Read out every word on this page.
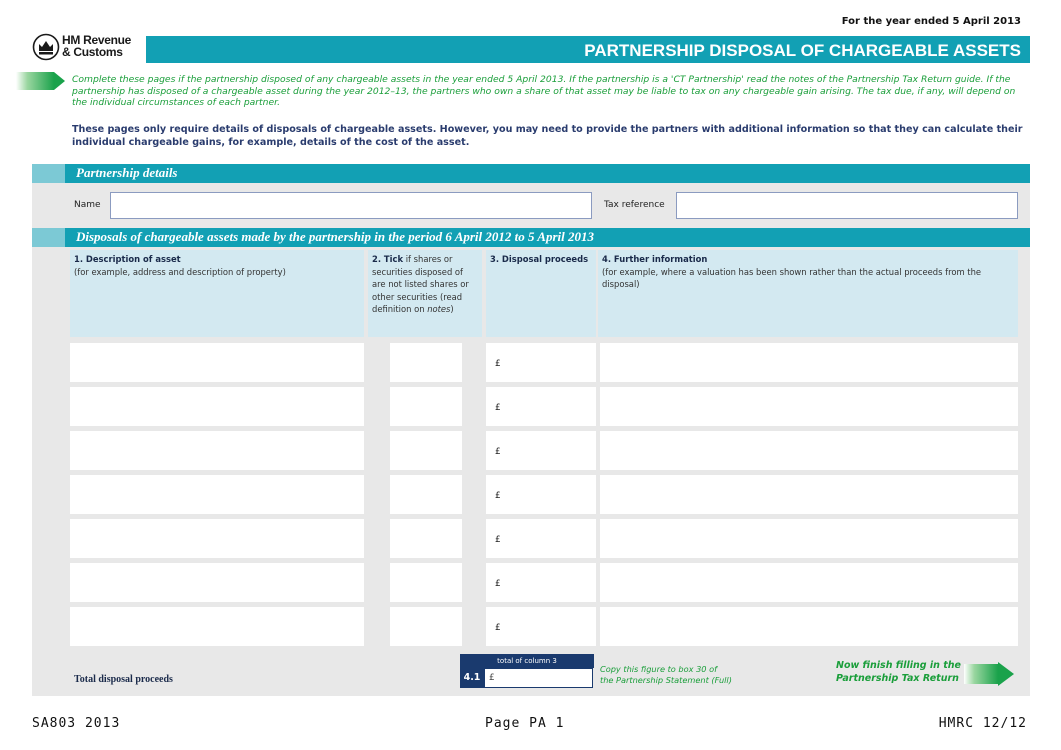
For the year ended 5 April 2013
HM Revenue
& Customs	PARTNERSHIP DISPOSAL OF CHARGEABLE ASSETS
Complete these pages if the partnership disposed of any chargeable assets in the year ended 5 April 2013. If the partnership is a 'CT Partnership' read the notes of the Partnership Tax Return guide. If the partnership has disposed of a chargeable asset during the year 2012–13, the partners who own a share of that asset may be liable to tax on any chargeable gain arising. The tax due, if any, will depend on the individual circumstances of each partner.
These pages only require details of disposals of chargeable assets. However, you may need to provide the partners with additional information so that they can calculate their individual chargeable gains, for example, details of the cost of the asset.
Partnership details
Name	Tax reference
Disposals of chargeable assets made by the partnership in the period 6 April 2012 to 5 April 2013
1. Description of asset
(for example, address and description of property)
2. Tick if shares or securities disposed of are not listed shares or other securities (read definition on notes)
3. Disposal proceeds	4. Further information
(for example, where a valuation has been shown rather than the actual proceeds from the disposal)
£
£
£
£
£
£
£
Total disposal proceeds
total of column 3
4.1 £
Copy this figure to box 30 of
the Partnership Statement (Full)
Now finish filling in the
Partnership Tax Return
SA803 2013	Page PA 1	HMRC 12/12
